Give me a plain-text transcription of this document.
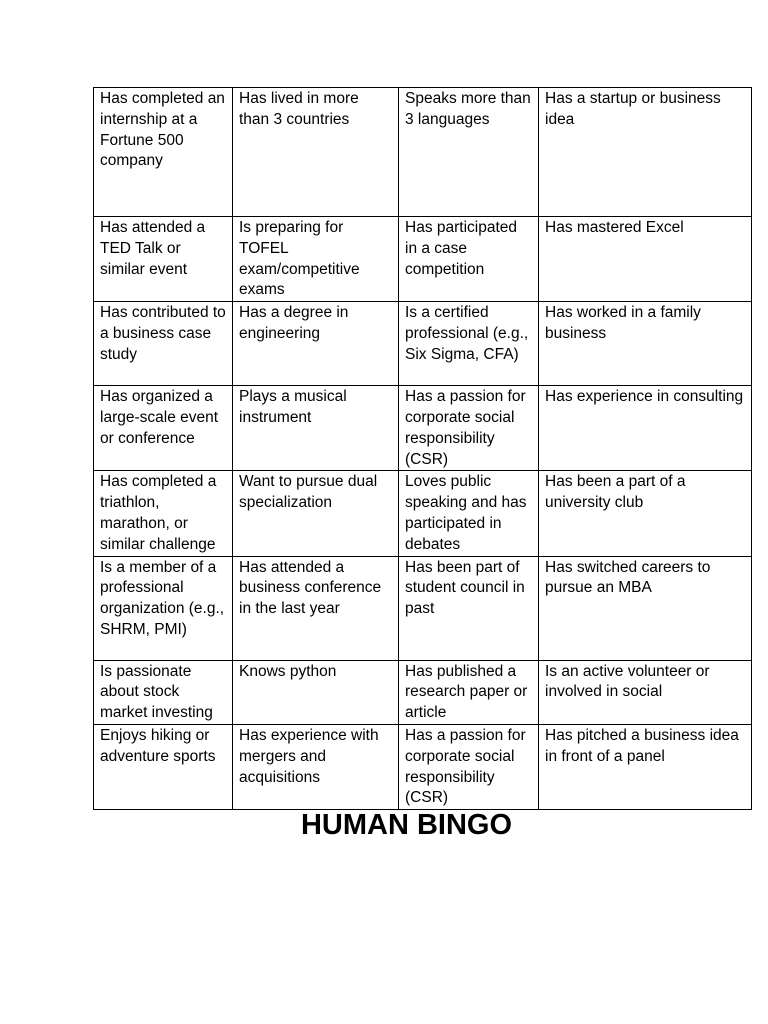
Has completed an internship at a Fortune 500 company	Has lived in more than 3 countries	Speaks more than 3 languages	Has a startup or business idea
Has attended a TED Talk or similar event	Is preparing for TOFEL exam/competitive exams	Has participated in a case competition	Has mastered Excel
Has contributed to a business case study	Has a degree in engineering	Is a certified professional (e.g., Six Sigma, CFA)	Has worked in a family business
Has organized a large-scale event or conference	Plays a musical instrument	Has a passion for corporate social responsibility (CSR)	Has experience in consulting
Has completed a triathlon, marathon, or similar challenge	Want to pursue dual specialization	Loves public speaking and has participated in debates	Has been a part of a university club
Is a member of a professional organization (e.g., SHRM, PMI)	Has attended a business conference in the last year	Has been part of student council in past	Has switched careers to pursue an MBA
Is passionate about stock market investing	Knows python	Has published a research paper or article	Is an active volunteer or involved in social
Enjoys hiking or adventure sports	Has experience with mergers and acquisitions	Has a passion for corporate social responsibility (CSR)	Has pitched a business idea in front of a panel
HUMAN BINGO
